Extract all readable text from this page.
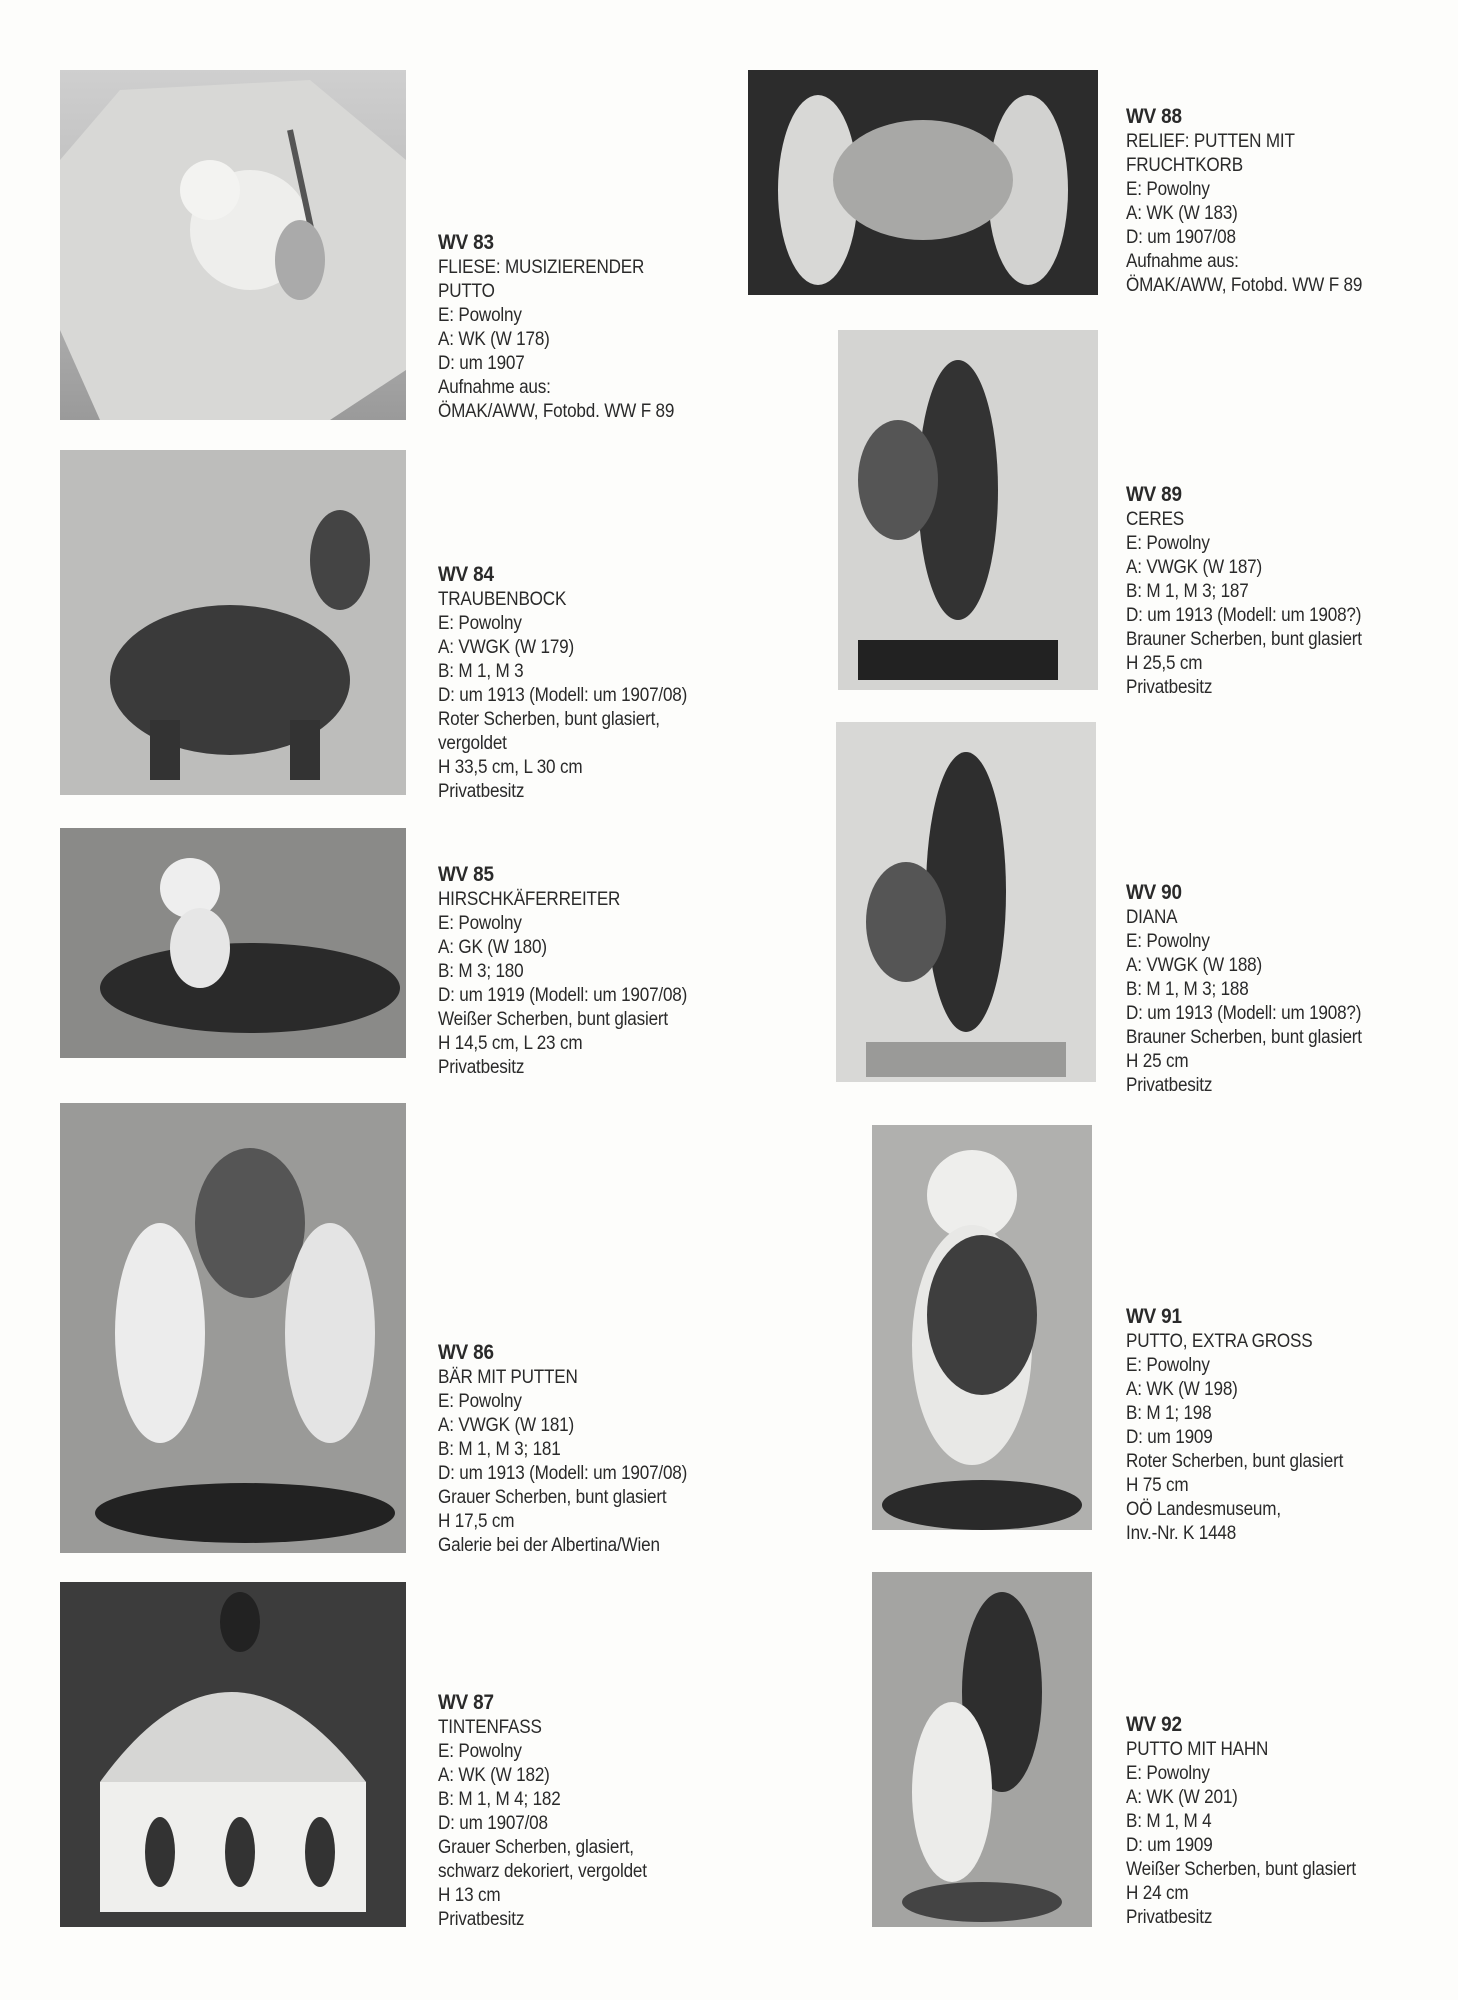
WV 83
FLIESE: MUSIZIERENDER
PUTTO
E: Powolny
A: WK (W 178)
D: um 1907
Aufnahme aus:
ÖMAK/AWW, Fotobd. WW F 89
WV 84
TRAUBENBOCK
E: Powolny
A: VWGK (W 179)
B: M 1, M 3
D: um 1913 (Modell: um 1907/08)
Roter Scherben, bunt glasiert,
vergoldet
H 33,5 cm, L 30 cm
Privatbesitz
WV 85
HIRSCHKÄFERREITER
E: Powolny
A: GK (W 180)
B: M 3; 180
D: um 1919 (Modell: um 1907/08)
Weißer Scherben, bunt glasiert
H 14,5 cm, L 23 cm
Privatbesitz
WV 86
BÄR MIT PUTTEN
E: Powolny
A: VWGK (W 181)
B: M 1, M 3; 181
D: um 1913 (Modell: um 1907/08)
Grauer Scherben, bunt glasiert
H 17,5 cm
Galerie bei der Albertina/Wien
WV 87
TINTENFASS
E: Powolny
A: WK (W 182)
B: M 1, M 4; 182
D: um 1907/08
Grauer Scherben, glasiert,
schwarz dekoriert, vergoldet
H 13 cm
Privatbesitz
WV 88
RELIEF: PUTTEN MIT
FRUCHTKORB
E: Powolny
A: WK (W 183)
D: um 1907/08
Aufnahme aus:
ÖMAK/AWW, Fotobd. WW F 89
WV 89
CERES
E: Powolny
A: VWGK (W 187)
B: M 1, M 3; 187
D: um 1913 (Modell: um 1908?)
Brauner Scherben, bunt glasiert
H 25,5 cm
Privatbesitz
WV 90
DIANA
E: Powolny
A: VWGK (W 188)
B: M 1, M 3; 188
D: um 1913 (Modell: um 1908?)
Brauner Scherben, bunt glasiert
H 25 cm
Privatbesitz
WV 91
PUTTO, EXTRA GROSS
E: Powolny
A: WK (W 198)
B: M 1; 198
D: um 1909
Roter Scherben, bunt glasiert
H 75 cm
OÖ Landesmuseum,
Inv.-Nr. K 1448
WV 92
PUTTO MIT HAHN
E: Powolny
A: WK (W 201)
B: M 1, M 4
D: um 1909
Weißer Scherben, bunt glasiert
H 24 cm
Privatbesitz
